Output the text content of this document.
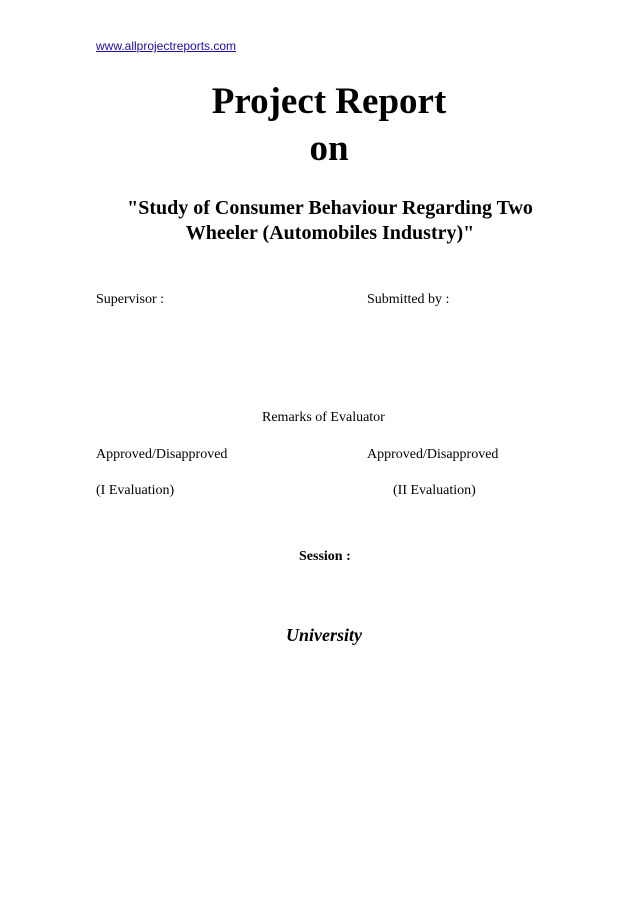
www.allprojectreports.com
Project Report
on
"Study of Consumer Behaviour Regarding Two
Wheeler (Automobiles Industry)"
Supervisor :	Submitted by :
Remarks of Evaluator
Approved/Disapproved	Approved/Disapproved
(I Evaluation)	(II Evaluation)
Session :
University
